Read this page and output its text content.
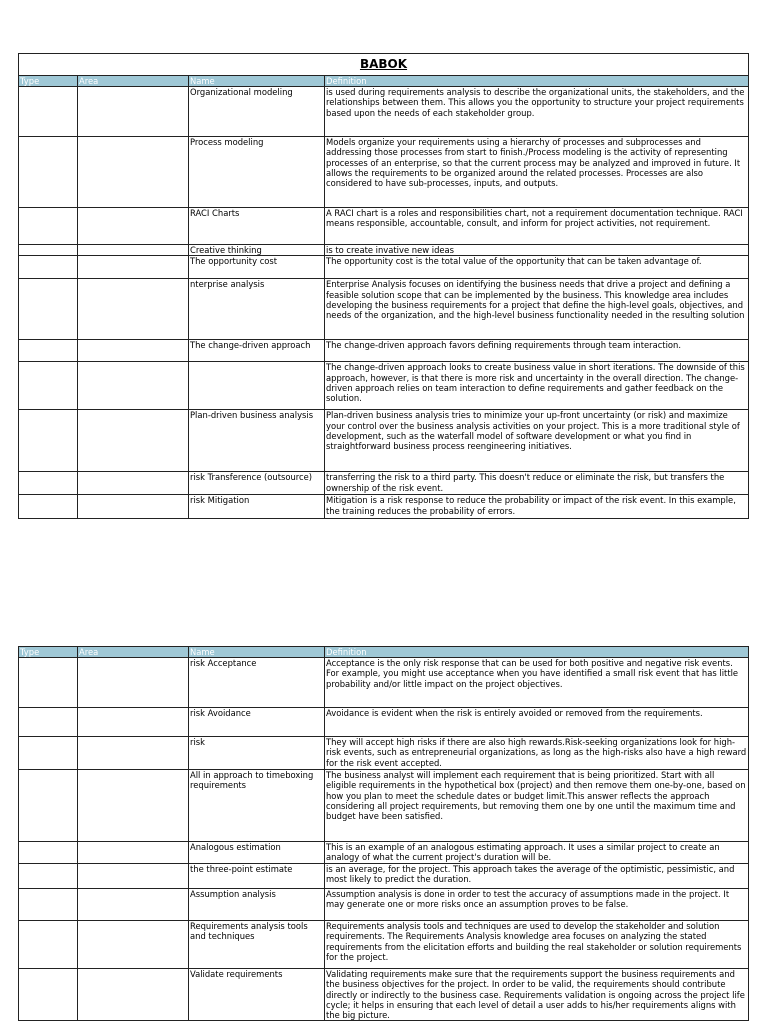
BABOK			
Type	Area	Name	Definition
		Organizational modeling	is used during requirements analysis to describe the organizational units, the stakeholders, and the relationships between them. This allows you the opportunity to structure your project requirements based upon the needs of each stakeholder group.
		Process modeling	Models organize your requirements using a hierarchy of processes and subprocesses and addressing those processes from start to finish./Process modeling is the activity of representing processes of an enterprise, so that the current process may be analyzed and improved in future. It allows the requirements to be organized around the related processes. Processes are also considered to have sub-processes, inputs, and outputs.
		RACI Charts	A RACI chart is a roles and responsibilities chart, not a requirement documentation technique. RACI means responsible, accountable, consult, and inform for project activities, not requirement.
		Creative thinking	is to create invative new ideas
		The opportunity cost	The opportunity cost is the total value of the opportunity that can be taken advantage of.
		nterprise analysis	Enterprise Analysis focuses on identifying the business needs that drive a project and defining a feasible solution scope that can be implemented by the business. This knowledge area includes developing the business requirements for a project that define the high-level goals, objectives, and needs of the organization, and the high-level business functionality needed in the resulting solution
		The change-driven approach	The change-driven approach favors defining requirements through team interaction.
			The change-driven approach looks to create business value in short iterations. The downside of this approach, however, is that there is more risk and uncertainty in the overall direction. The change-driven approach relies on team interaction to define requirements and gather feedback on the solution.
		Plan-driven business analysis	Plan-driven business analysis tries to minimize your up-front uncertainty (or risk) and maximize your control over the business analysis activities on your project. This is a more traditional style of development, such as the waterfall model of software development or what you find in straightforward business process reengineering initiatives.
		risk Transference (outsource)	transferring the risk to a third party. This doesn't reduce or eliminate the risk, but transfers the ownership of the risk event.
		risk Mitigation	Mitigation is a risk response to reduce the probability or impact of the risk event. In this example, the training reduces the probability of errors.
Type	Area	Name	Definition
		risk Acceptance	Acceptance is the only risk response that can be used for both positive and negative risk events. For example, you might use acceptance when you have identified a small risk event that has little probability and/or little impact on the project objectives.
		risk Avoidance	Avoidance is evident when the risk is entirely avoided or removed from the requirements.
		risk	They will accept high risks if there are also high rewards.Risk-seeking organizations look for high-risk events, such as entrepreneurial organizations, as long as the high-risks also have a high reward for the risk event accepted.
		All in approach to timeboxing requirements	The business analyst will implement each requirement that is being prioritized. Start with all eligible requirements in the hypothetical box (project) and then remove them one-by-one, based on how you plan to meet the schedule dates or budget limit.This answer reflects the approach considering all project requirements, but removing them one by one until the maximum time and budget have been satisfied.
		Analogous estimation	This is an example of an analogous estimating approach. It uses a similar project to create an analogy of what the current project's duration will be.
		the three-point estimate	is an average, for the project. This approach takes the average of the optimistic, pessimistic, and most likely to predict the duration.
		Assumption analysis	Assumption analysis is done in order to test the accuracy of assumptions made in the project. It may generate one or more risks once an assumption proves to be false.
		Requirements analysis tools and techniques	Requirements analysis tools and techniques are used to develop the stakeholder and solution requirements. The Requirements Analysis knowledge area focuses on analyzing the stated requirements from the elicitation efforts and building the real stakeholder or solution requirements for the project.
		Validate requirements	Validating requirements make sure that the requirements support the business requirements and the business objectives for the project. In order to be valid, the requirements should contribute directly or indirectly to the business case. Requirements validation is ongoing across the project life cycle; it helps in ensuring that each level of detail a user adds to his/her requirements aligns with the big picture.
